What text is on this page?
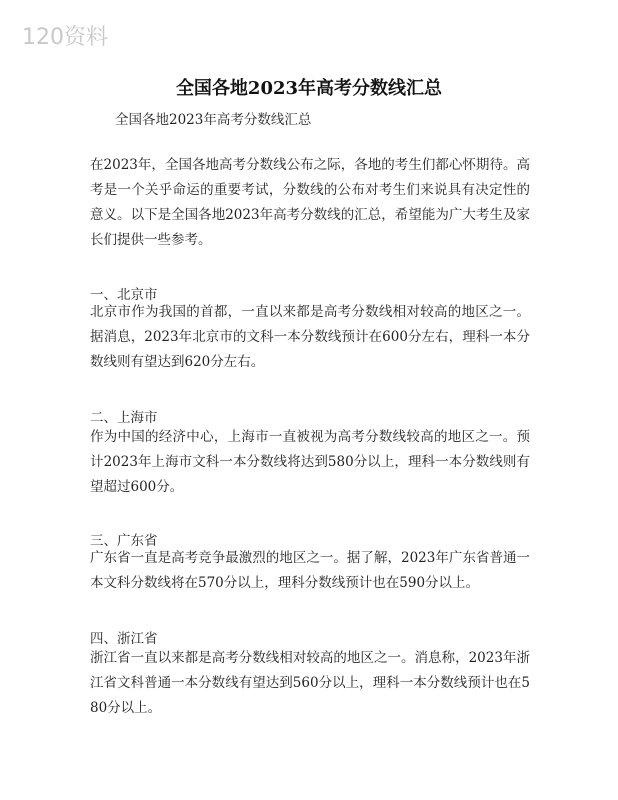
120资料
全国各地2023年高考分数线汇总
全国各地2023年高考分数线汇总
在2023年，全国各地高考分数线公布之际，各地的考生们都心怀期待。高考是一个关乎命运的重要考试，分数线的公布对考生们来说具有决定性的意义。以下是全国各地2023年高考分数线的汇总，希望能为广大考生及家长们提供一些参考。
一、北京市
北京市作为我国的首都，一直以来都是高考分数线相对较高的地区之一。据消息，2023年北京市的文科一本分数线预计在600分左右，理科一本分数线则有望达到620分左右。
二、上海市
作为中国的经济中心，上海市一直被视为高考分数线较高的地区之一。预计2023年上海市文科一本分数线将达到580分以上，理科一本分数线则有望超过600分。
三、广东省
广东省一直是高考竞争最激烈的地区之一。据了解，2023年广东省普通一本文科分数线将在570分以上，理科分数线预计也在590分以上。
四、浙江省
浙江省一直以来都是高考分数线相对较高的地区之一。消息称，2023年浙江省文科普通一本分数线有望达到560分以上，理科一本分数线预计也在580分以上。
